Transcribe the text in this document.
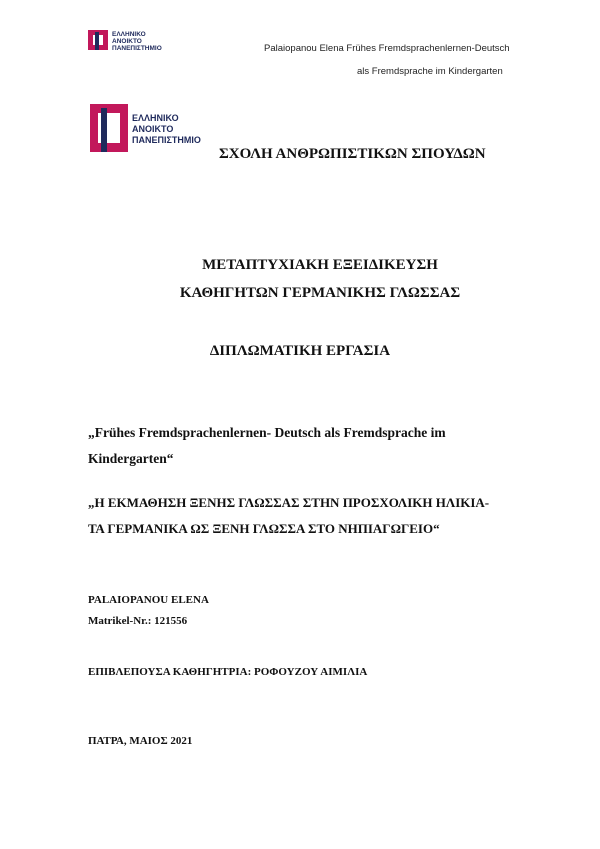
ΕΛΛΗΝΙΚΟ
ΑΝΟΙΚΤΟ
ΠΑΝΕΠΙΣΤΗΜΙΟ	Palaiopanou Elena Frühes Fremdsprachenlernen-Deutsch
als Fremdsprache im Kindergarten
ΕΛΛΗΝΙΚΟ
ΑΝΟΙΚΤΟ
ΠΑΝΕΠΙΣΤΗΜΙΟ
ΣΧΟΛΗ ΑΝΘΡΩΠΙΣΤΙΚΩΝ ΣΠΟΥΔΩΝ
ΜΕΤΑΠΤΥΧΙΑΚΗ ΕΞΕΙΔΙΚΕΥΣΗ
ΚΑΘΗΓΗΤΩΝ ΓΕΡΜΑΝΙΚΗΣ ΓΛΩΣΣΑΣ
ΔΙΠΛΩΜΑΤΙΚΗ ΕΡΓΑΣΙΑ
„Frühes Fremdsprachenlernen- Deutsch als Fremdsprache im
Kindergarten“
„Η ΕΚΜΑΘΗΣΗ ΞΕΝΗΣ ΓΛΩΣΣΑΣ ΣΤΗΝ ΠΡΟΣΧΟΛΙΚΗ ΗΛΙΚΙΑ-
ΤΑ ΓΕΡΜΑΝΙΚΑ ΩΣ ΞΕΝΗ ΓΛΩΣΣΑ ΣΤΟ ΝΗΠΙΑΓΩΓΕΙΟ“
PALAIOPANOU ELENA
Matrikel-Nr.: 121556
ΕΠΙΒΛΕΠΟΥΣΑ ΚΑΘΗΓΗΤΡΙΑ: ΡΟΦΟΥΖΟΥ ΑΙΜΙΛΙΑ
ΠΑΤΡΑ, ΜΑΙΟΣ 2021
